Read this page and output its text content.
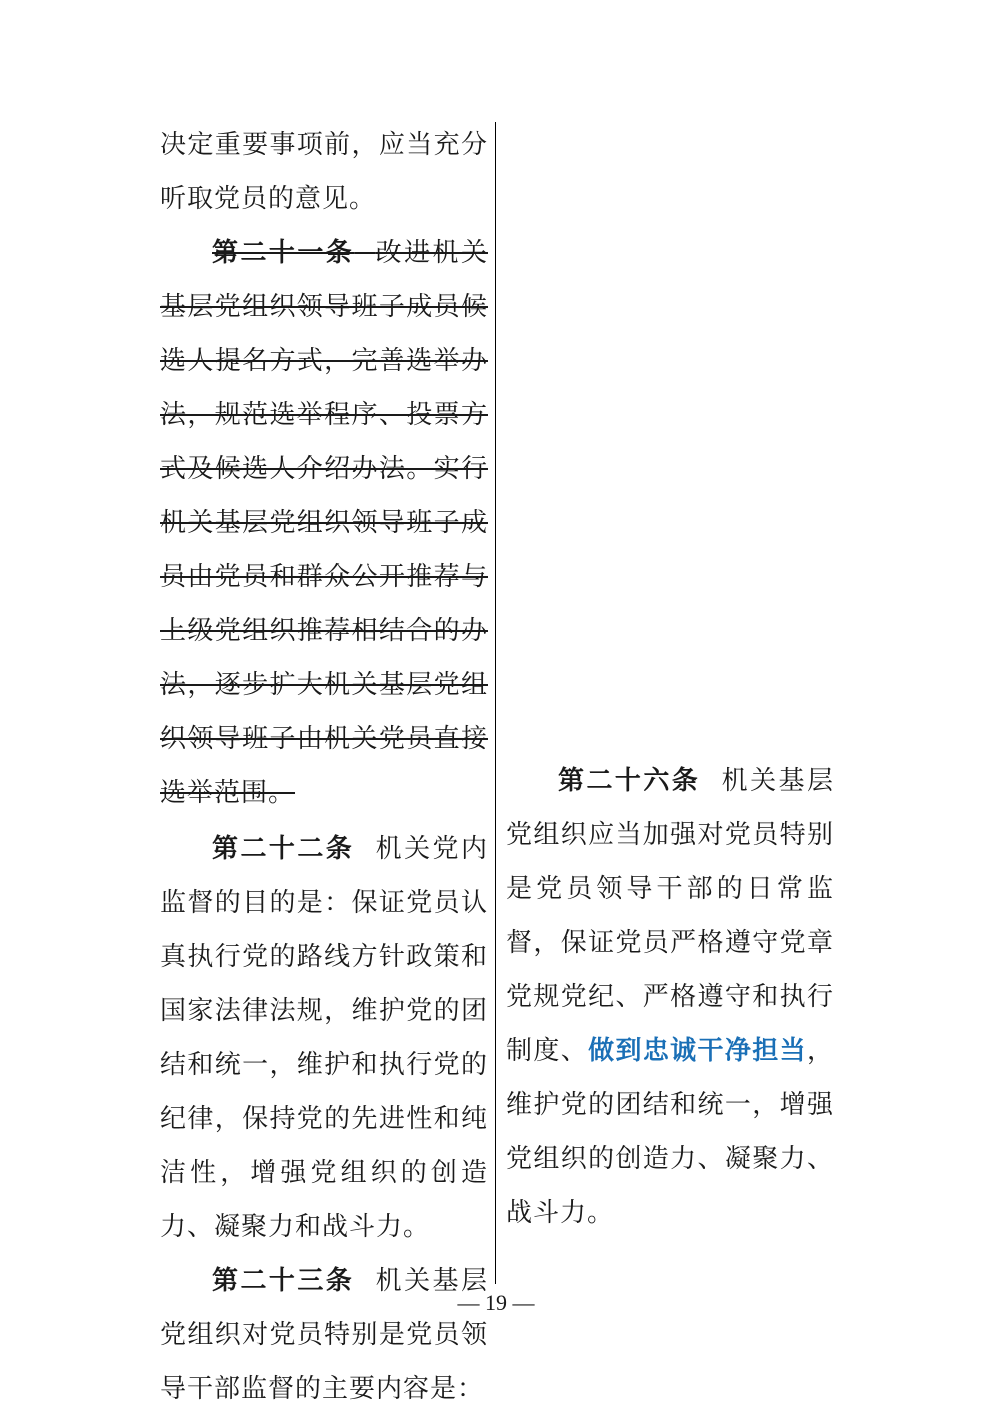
决定重要事项前，应当充分听取党员的意见。

第二十一条 改进机关基层党组织领导班子成员候选人提名方式，完善选举办法，规范选举程序、投票方式及候选人介绍办法。实行机关基层党组织领导班子成员由党员和群众公开推荐与上级党组织推荐相结合的办法，逐步扩大机关基层党组织领导班子由机关党员直接选举范围。

第二十二条 机关党内监督的目的是：保证党员认真执行党的路线方针政策和国家法律法规，维护党的团结和统一，维护和执行党的纪律，保持党的先进性和纯洁性，增强党组织的创造力、凝聚力和战斗力。

第二十三条 机关基层党组织对党员特别是党员领导干部监督的主要内容是：

第二十六条 机关基层党组织应当加强对党员特别是党员领导干部的日常监督，保证党员严格遵守党章党规党纪、严格遵守和执行制度、做到忠诚干净担当，维护党的团结和统一，增强党组织的创造力、凝聚力、战斗力。

— 19 —
